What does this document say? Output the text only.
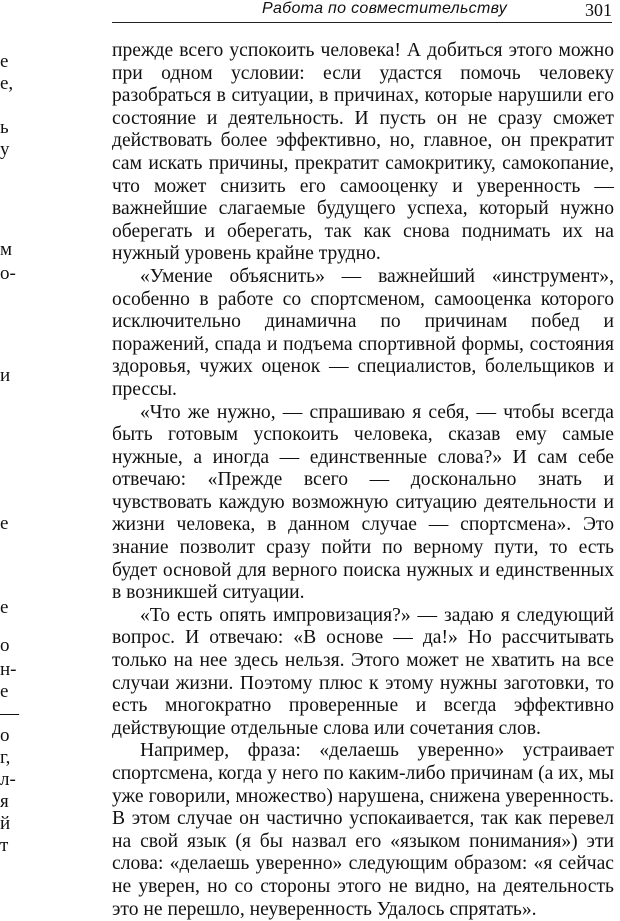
Работа по совместительству	301
е
е,
ь
у
м
о-
и
е
е
о
н-
е
—
о
г,
л-
я
й
т

прежде всего успокоить человека! А добиться этого можно при одном условии: если удастся помочь человеку разобраться в ситуации, в причинах, которые нарушили его состояние и деятельность. И пусть он не сразу сможет действовать более эффективно, но, главное, он прекратит сам искать причины, прекратит самокритику, самокопание, что может снизить его самооценку и уверенность — важнейшие слагаемые будущего успеха, который нужно оберегать и оберегать, так как снова поднимать их на нужный уровень крайне трудно.

«Умение объяснить» — важнейший «инструмент», особенно в работе со спортсменом, самооценка которого исключительно динамична по причинам побед и поражений, спада и подъема спортивной формы, состояния здоровья, чужих оценок — специалистов, болельщиков и прессы.

«Что же нужно, — спрашиваю я себя, — чтобы всегда быть готовым успокоить человека, сказав ему самые нужные, а иногда — единственные слова?» И сам себе отвечаю: «Прежде всего — досконально знать и чувствовать каждую возможную ситуацию деятельности и жизни человека, в данном случае — спортсмена». Это знание позволит сразу пойти по верному пути, то есть будет основой для верного поиска нужных и единственных в возникшей ситуации.

«То есть опять импровизация?» — задаю я следующий вопрос. И отвечаю: «В основе — да!» Но рассчитывать только на нее здесь нельзя. Этого может не хватить на все случаи жизни. Поэтому плюс к этому нужны заготовки, то есть многократно проверенные и всегда эффективно действующие отдельные слова или сочетания слов.

Например, фраза: «делаешь уверенно» устраивает спортсмена, когда у него по каким-либо причинам (а их, мы уже говорили, множество) нарушена, снижена уверенность. В этом случае он частично успокаивается, так как перевел на свой язык (я бы назвал его «языком понимания») эти слова: «делаешь уверенно» следующим образом: «я сейчас не уверен, но со стороны этого не видно, на деятельность это не перешло, неуверенность Удалось спрятать».
